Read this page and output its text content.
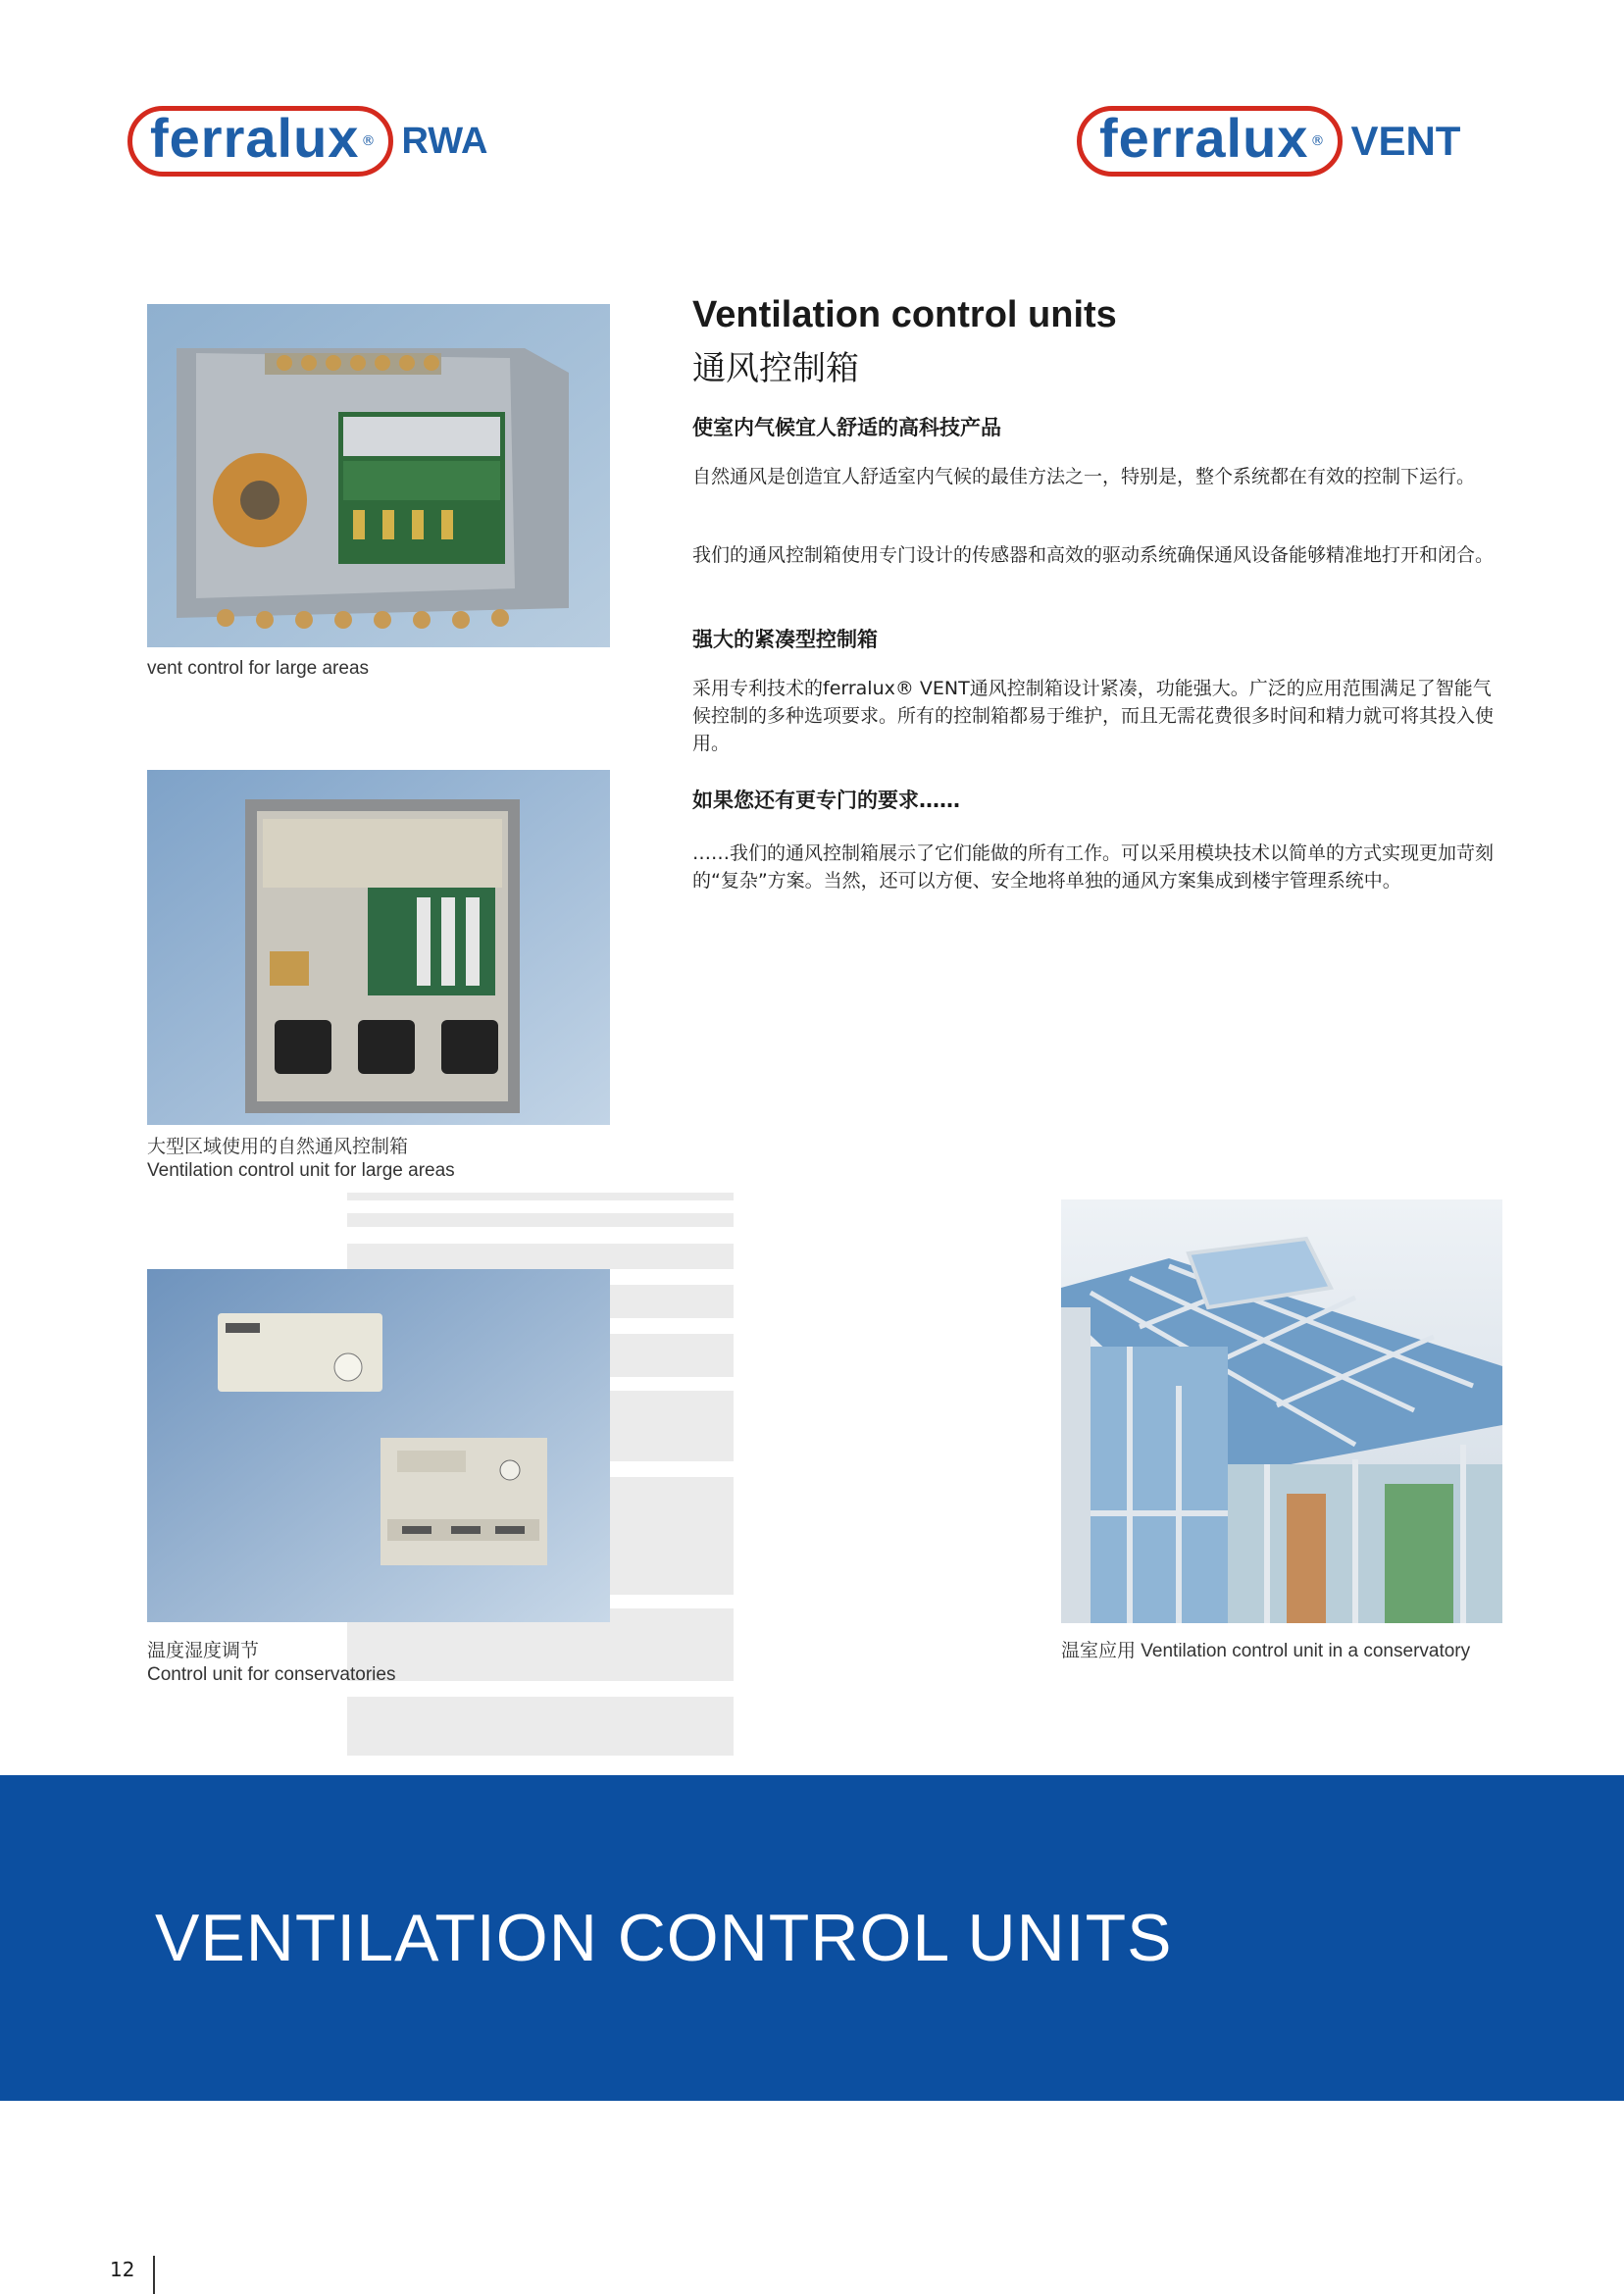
ferralux ® RWA	ferralux ® VENT
vent control for large areas
大型区域使用的自然通风控制箱
Ventilation control unit for large areas
温度湿度调节
Control unit for conservatories
温室应用 Ventilation control unit in a conservatory
Ventilation control units
通风控制箱
使室内气候宜人舒适的高科技产品
自然通风是创造宜人舒适室内气候的最佳方法之一，特别是，整个系统都在有效的控制下运行。
我们的通风控制箱使用专门设计的传感器和高效的驱动系统确保通风设备能够精准地打开和闭合。
强大的紧凑型控制箱
采用专利技术的ferralux® VENT通风控制箱设计紧凑，功能强大。广泛的应用范围满足了智能气候控制的多种选项要求。所有的控制箱都易于维护，而且无需花费很多时间和精力就可将其投入使用。
如果您还有更专门的要求……
……我们的通风控制箱展示了它们能做的所有工作。可以采用模块技术以简单的方式实现更加苛刻的“复杂”方案。当然，还可以方便、安全地将单独的通风方案集成到楼宇管理系统中。
VENTILATION CONTROL UNITS
12
